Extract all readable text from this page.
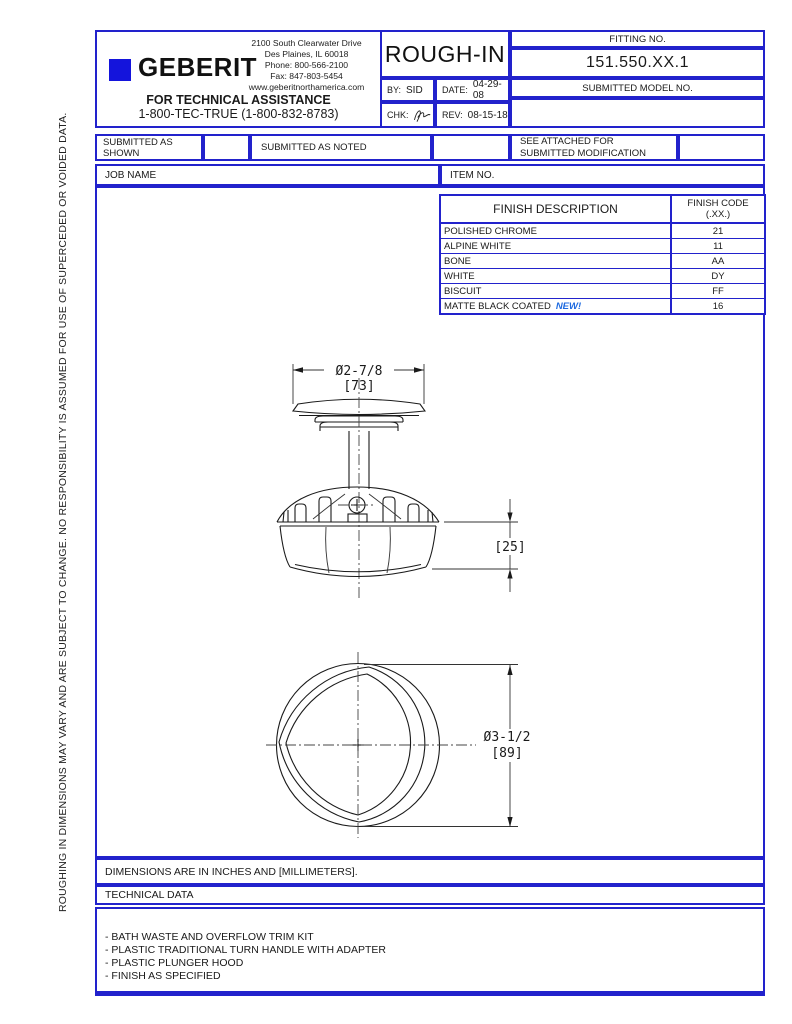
ROUGHING IN DIMENSIONS MAY VARY AND ARE SUBJECT TO CHANGE. NO RESPONSIBILITY IS ASSUMED FOR USE OF SUPERCEDED OR VOIDED DATA.
GEBERIT
2100 South Clearwater Drive
Des Plaines, IL 60018
Phone: 800-566-2100
Fax: 847-803-5454
www.geberitnorthamerica.com
FOR TECHNICAL ASSISTANCE
1-800-TEC-TRUE (1-800-832-8783)
ROUGH-IN
BY: SID DATE: 04-29-08
CHK:	REV: 08-15-18
FITTING NO.
151.550.XX.1
SUBMITTED MODEL NO.
SUBMITTED AS SHOWN	SUBMITTED AS NOTED
SEE ATTACHED FOR
SUBMITTED MODIFICATION
JOB NAME	ITEM NO.
FINISH DESCRIPTION	FINISH CODE
(.XX.)
POLISHED CHROME	21
ALPINE WHITE	11
BONE	AA
WHITE	DY
BISCUIT	FF
MATTE BLACK COATED NEW!	16
Ø2-7/8
[73]
[25]
Ø3-1/2
[89]
DIMENSIONS ARE IN INCHES AND [MILLIMETERS].
TECHNICAL DATA
- BATH WASTE AND OVERFLOW TRIM KIT
- PLASTIC TRADITIONAL TURN HANDLE WITH ADAPTER
- PLASTIC PLUNGER HOOD
- FINISH AS SPECIFIED
